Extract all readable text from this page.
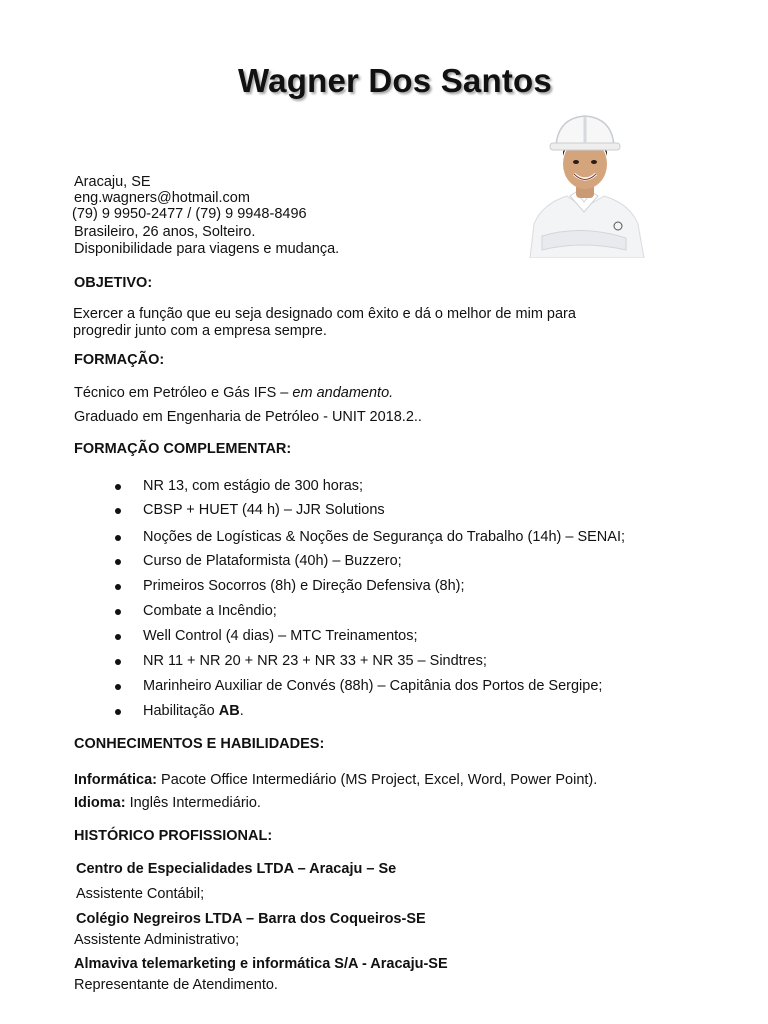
Wagner Dos Santos
Aracaju, SE
eng.wagners@hotmail.com
(79) 9 9950-2477 / (79) 9 9948-8496
Brasileiro, 26 anos, Solteiro.
Disponibilidade para viagens e mudança.
OBJETIVO:
Exercer a função que eu seja designado com êxito e dá o melhor de mim para progredir junto com a empresa sempre.
FORMAÇÃO:
Técnico em Petróleo e Gás IFS – em andamento.
Graduado em Engenharia de Petróleo - UNIT 2018.2..
FORMAÇÃO COMPLEMENTAR:
NR 13, com estágio de 300 horas;
CBSP + HUET (44 h) – JJR Solutions
Noções de Logísticas & Noções de Segurança do Trabalho (14h) – SENAI;
Curso de Plataformista (40h) – Buzzero;
Primeiros Socorros (8h) e Direção Defensiva (8h);
Combate a Incêndio;
Well Control (4 dias) – MTC Treinamentos;
NR 11 + NR 20 + NR 23 + NR 33 + NR 35 – Sindtres;
Marinheiro Auxiliar de Convés (88h) – Capitânia dos Portos de Sergipe;
Habilitação AB.
CONHECIMENTOS E HABILIDADES:
Informática: Pacote Office Intermediário (MS Project, Excel, Word, Power Point).
Idioma: Inglês Intermediário.
HISTÓRICO PROFISSIONAL:
Centro de Especialidades LTDA – Aracaju – Se
Assistente Contábil;
Colégio Negreiros LTDA – Barra dos Coqueiros-SE
Assistente Administrativo;
Almaviva telemarketing e informática S/A - Aracaju-SE
Representante de Atendimento.
